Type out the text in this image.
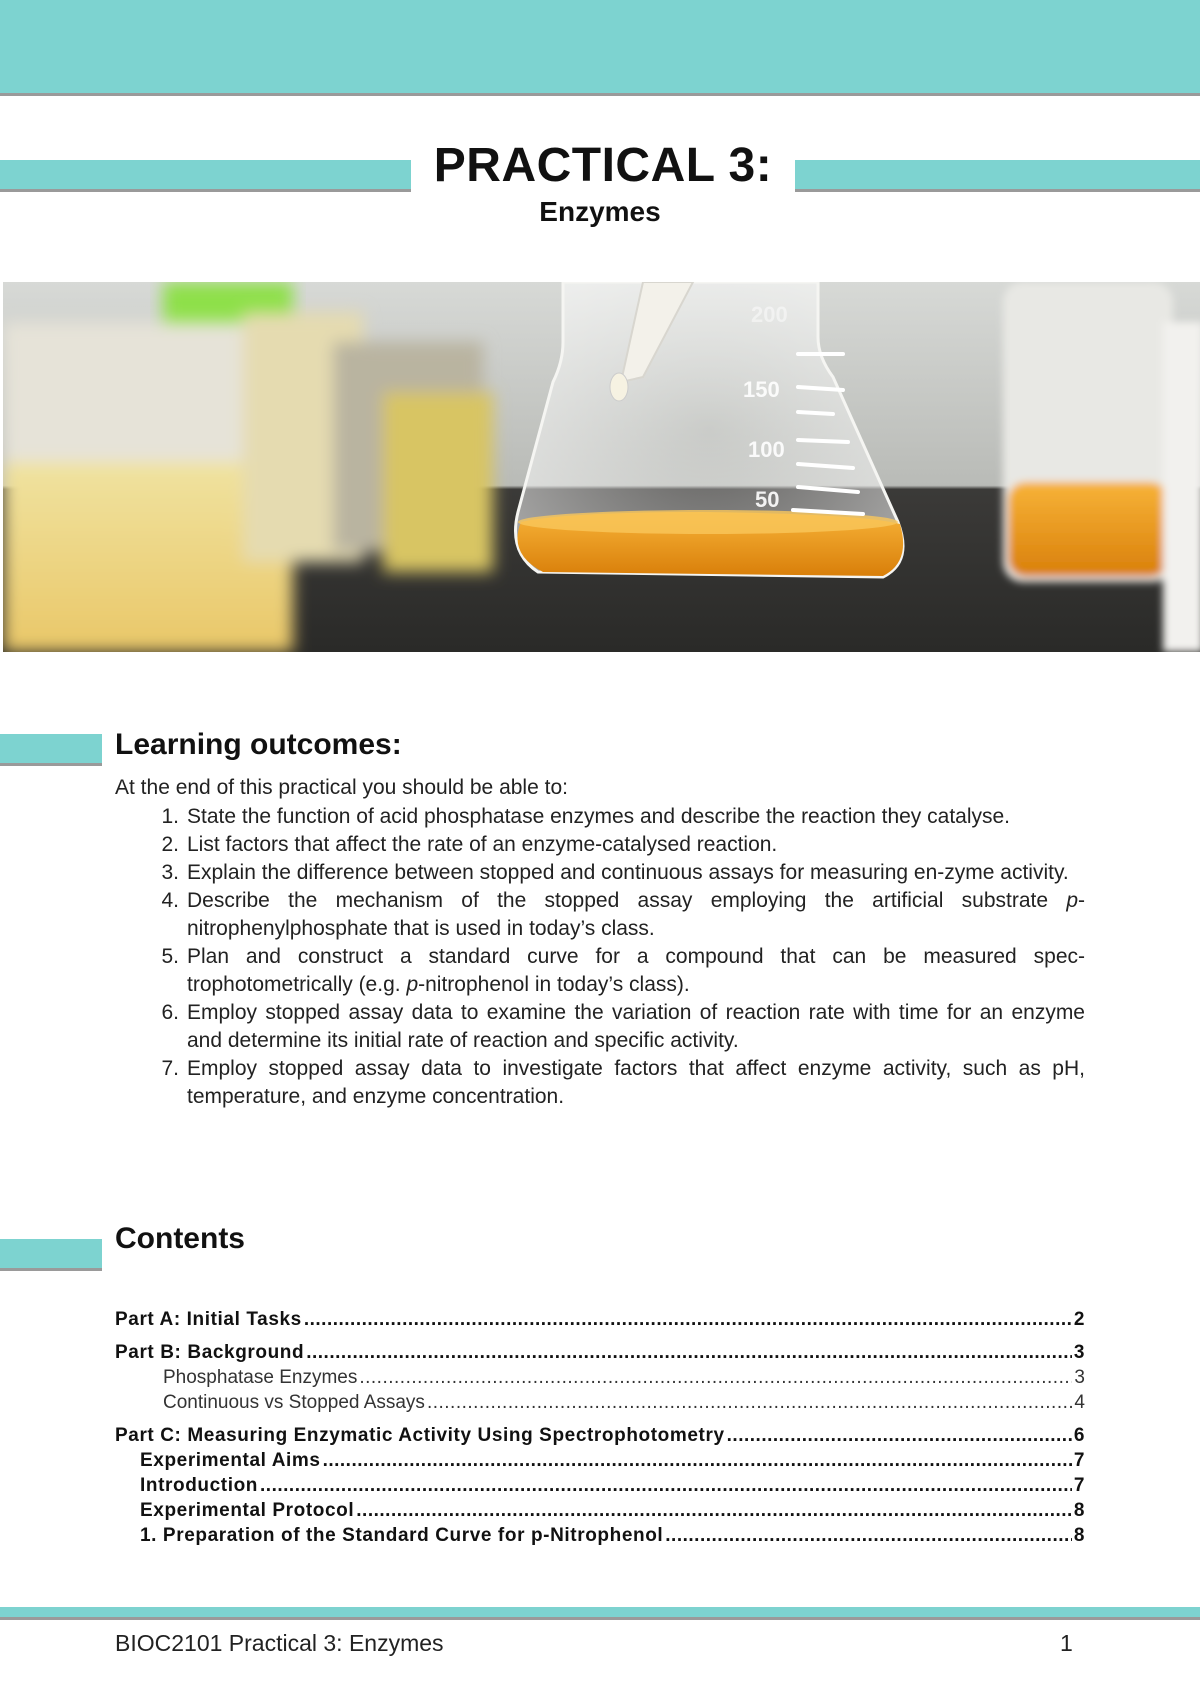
PRACTICAL 3:
Enzymes
200
150
100
50
Learning outcomes:
At the end of this practical you should be able to:
1. State the function of acid phosphatase enzymes and describe the reaction they catalyse.
2. List factors that affect the rate of an enzyme-catalysed reaction.
3. Explain the difference between stopped and continuous assays for measuring en-zyme activity.
4. Describe the mechanism of the stopped assay employing the artificial substrate p-nitrophenylphosphate that is used in today’s class.
5. Plan and construct a standard curve for a compound that can be measured spec-trophotometrically (e.g. p-nitrophenol in today’s class).
6. Employ stopped assay data to examine the variation of reaction rate with time for an enzyme and determine its initial rate of reaction and specific activity.
7. Employ stopped assay data to investigate factors that affect enzyme activity, such as pH, temperature, and enzyme concentration.
Contents
Part A: Initial Tasks .....	2
Part B: Background .....	3
Phosphatase Enzymes .....	3
Continuous vs Stopped Assays .....	4
Part C: Measuring Enzymatic Activity Using Spectrophotometry .....	6
Experimental Aims .....	7
Introduction .....	7
Experimental Protocol .....	8
1. Preparation of the Standard Curve for p-Nitrophenol .....	8
BIOC2101 Practical 3: Enzymes	1
